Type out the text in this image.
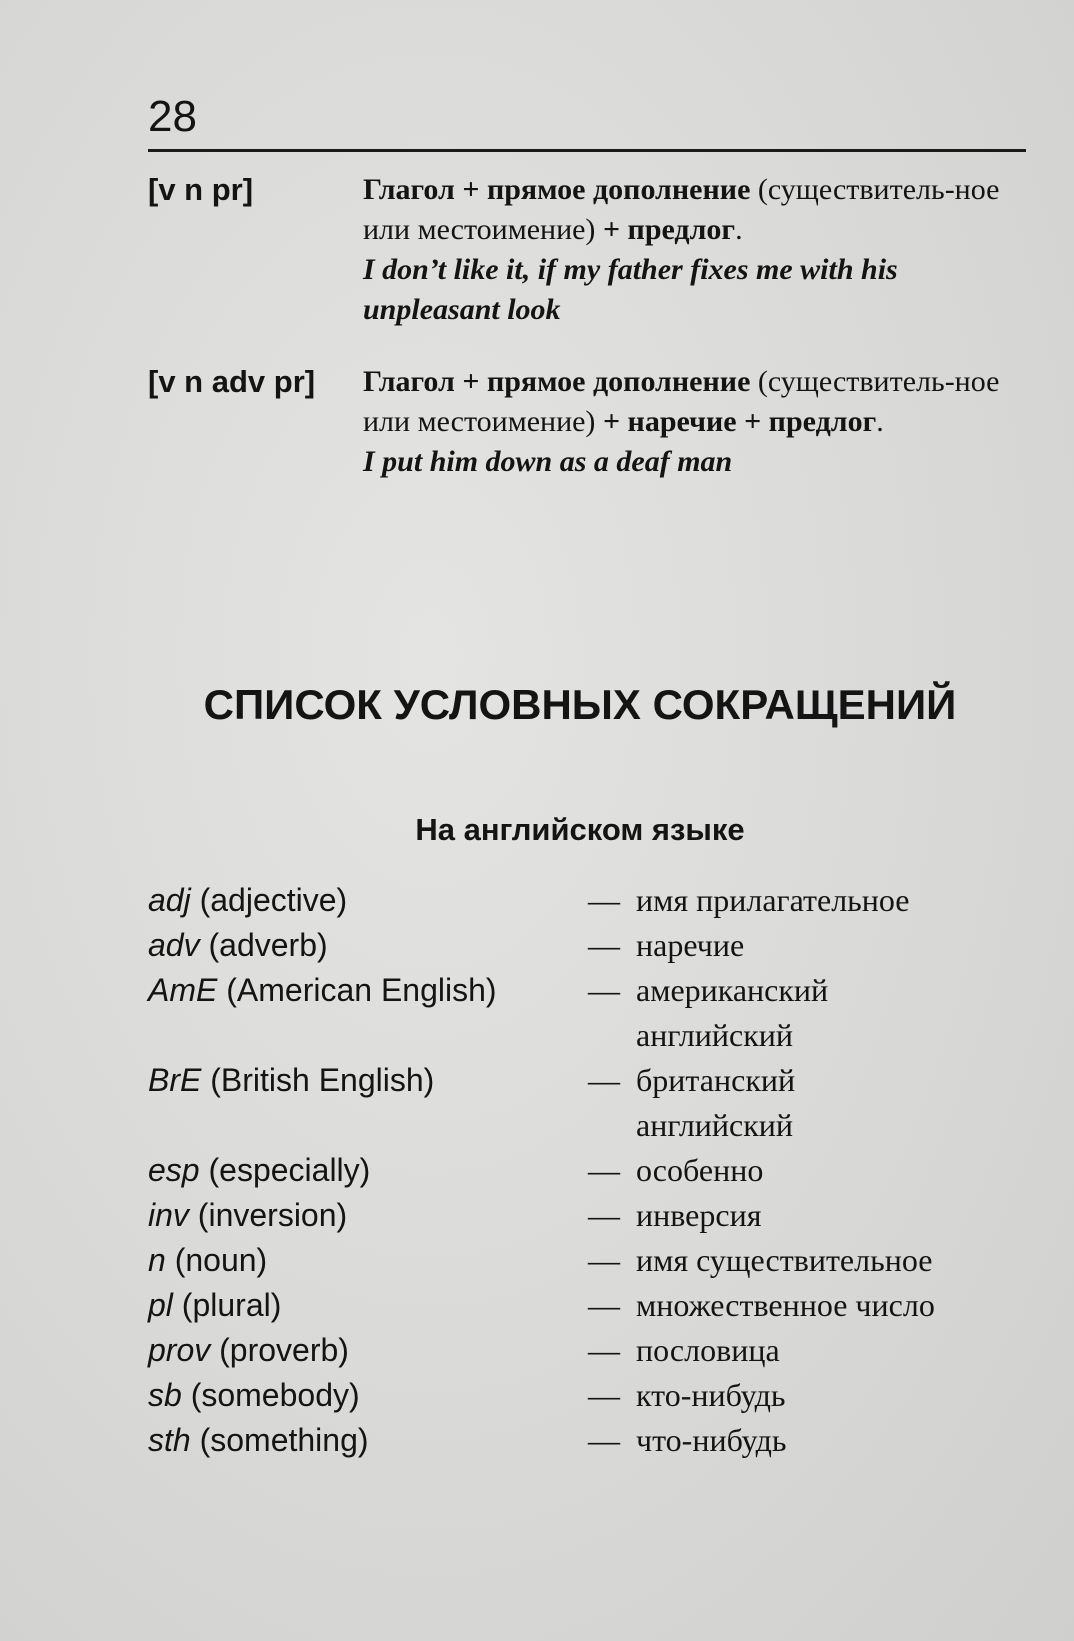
28
[v n pr]	Глагол + прямое дополнение (существитель-ное или местоимение) + предлог.
I don’t like it, if my father fixes me with his unpleasant look
[v n adv pr] Глагол + прямое дополнение (существитель-ное или местоимение) + наречие + предлог.
I put him down as a deaf man
СПИСОК УСЛОВНЫХ СОКРАЩЕНИЙ
На английском языке
adj (adjective)	— имя прилагательное
adv (adverb)	— наречие
AmE (American English)	— американский
английский
BrE (British English)	— британский
английский
esp (especially)	— особенно
inv (inversion)	— инверсия
n (noun)	— имя существительное
pl (plural)	— множественное число
prov (proverb)	— пословица
sb (somebody)	— кто-нибудь
sth (something)	— что-нибудь
